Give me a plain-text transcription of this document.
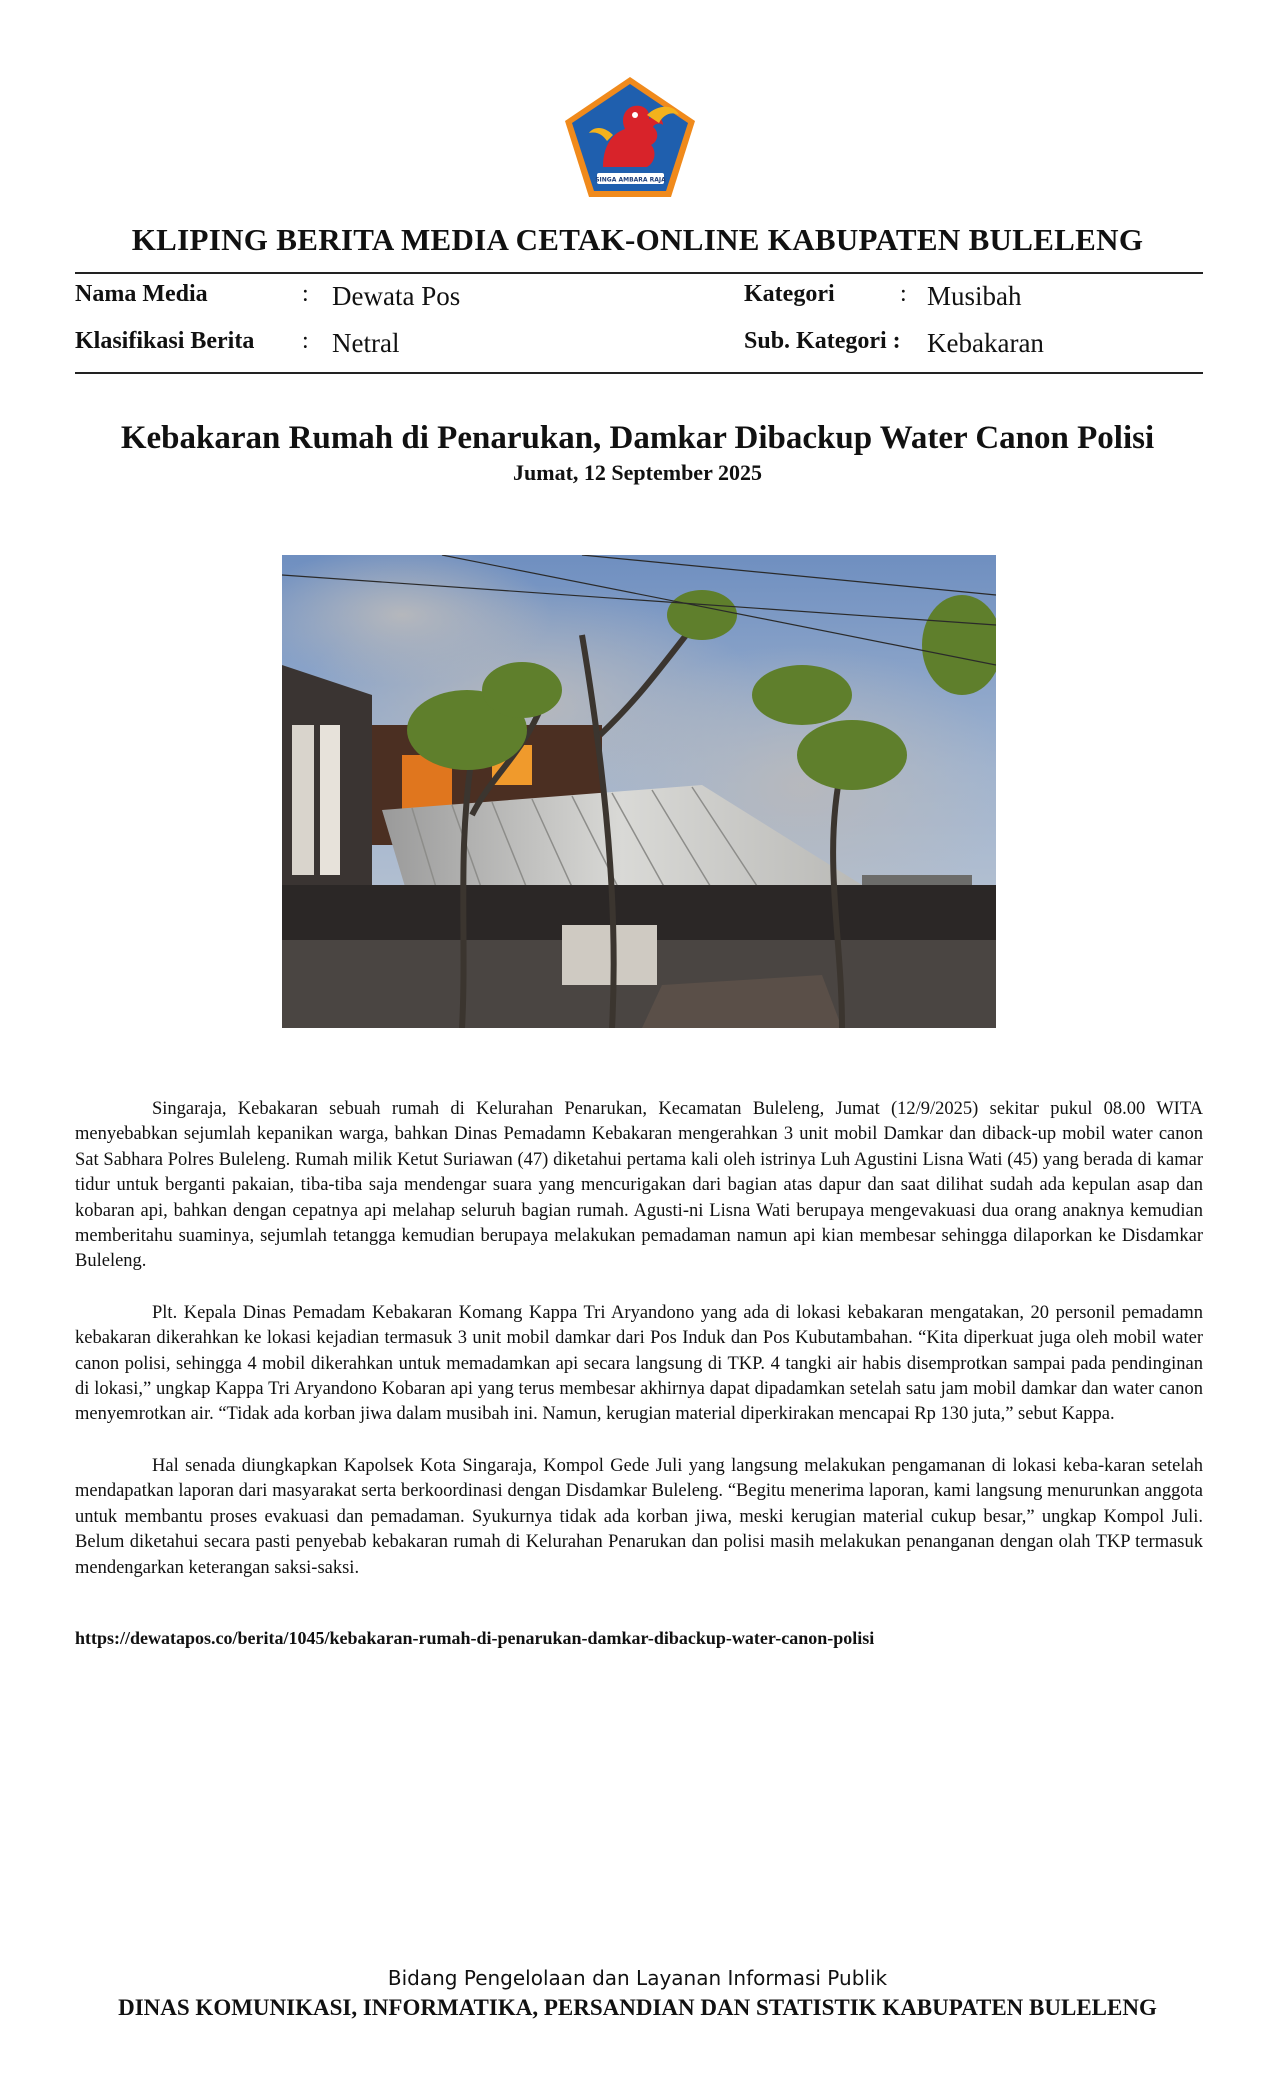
SINGA AMBARA RAJA
KLIPING BERITA MEDIA CETAK-ONLINE KABUPATEN BULELENG
Nama Media	: Dewata Pos	Kategori	: Musibah
Klasifikasi Berita : Netral	Sub. Kategori : Kebakaran
Kebakaran Rumah di Penarukan, Damkar Dibackup Water Canon Polisi
Jumat, 12 September 2025

Singaraja, Kebakaran sebuah rumah di Kelurahan Penarukan, Kecamatan Buleleng, Jumat (12/9/2025) sekitar pukul 08.00 WITA menyebabkan sejumlah kepanikan warga, bahkan Dinas Pemadamn Kebakaran mengerahkan 3 unit mobil Damkar dan diback-up mobil water canon Sat Sabhara Polres Buleleng. Rumah milik Ketut Suriawan (47) diketahui pertama kali oleh istrinya Luh Agustini Lisna Wati (45) yang berada di kamar tidur untuk berganti pakaian, tiba-tiba saja mendengar suara yang mencurigakan dari bagian atas dapur dan saat dilihat sudah ada kepulan asap dan kobaran api, bahkan dengan cepatnya api melahap seluruh bagian rumah. Agusti-ni Lisna Wati berupaya mengevakuasi dua orang anaknya kemudian memberitahu suaminya, sejumlah tetangga kemudian berupaya melakukan pemadaman namun api kian membesar sehingga dilaporkan ke Disdamkar Buleleng.

Plt. Kepala Dinas Pemadam Kebakaran Komang Kappa Tri Aryandono yang ada di lokasi kebakaran mengatakan, 20 personil pemadamn kebakaran dikerahkan ke lokasi kejadian termasuk 3 unit mobil damkar dari Pos Induk dan Pos Kubutambahan. “Kita diperkuat juga oleh mobil water canon polisi, sehingga 4 mobil dikerahkan untuk memadamkan api secara langsung di TKP. 4 tangki air habis disemprotkan sampai pada pendinginan di lokasi,” ungkap Kappa Tri Aryandono Kobaran api yang terus membesar akhirnya dapat dipadamkan setelah satu jam mobil damkar dan water canon menyemrotkan air. “Tidak ada korban jiwa dalam musibah ini. Namun, kerugian material diperkirakan mencapai Rp 130 juta,” sebut Kappa.

Hal senada diungkapkan Kapolsek Kota Singaraja, Kompol Gede Juli yang langsung melakukan pengamanan di lokasi keba-karan setelah mendapatkan laporan dari masyarakat serta berkoordinasi dengan Disdamkar Buleleng. “Begitu menerima laporan, kami langsung menurunkan anggota untuk membantu proses evakuasi dan pemadaman. Syukurnya tidak ada korban jiwa, meski kerugian material cukup besar,” ungkap Kompol Juli. Belum diketahui secara pasti penyebab kebakaran rumah di Kelurahan Penarukan dan polisi masih melakukan penanganan dengan olah TKP termasuk mendengarkan keterangan saksi-saksi.

https://dewatapos.co/berita/1045/kebakaran-rumah-di-penarukan-damkar-dibackup-water-canon-polisi
Bidang Pengelolaan dan Layanan Informasi Publik
DINAS KOMUNIKASI, INFORMATIKA, PERSANDIAN DAN STATISTIK KABUPATEN BULELENG
